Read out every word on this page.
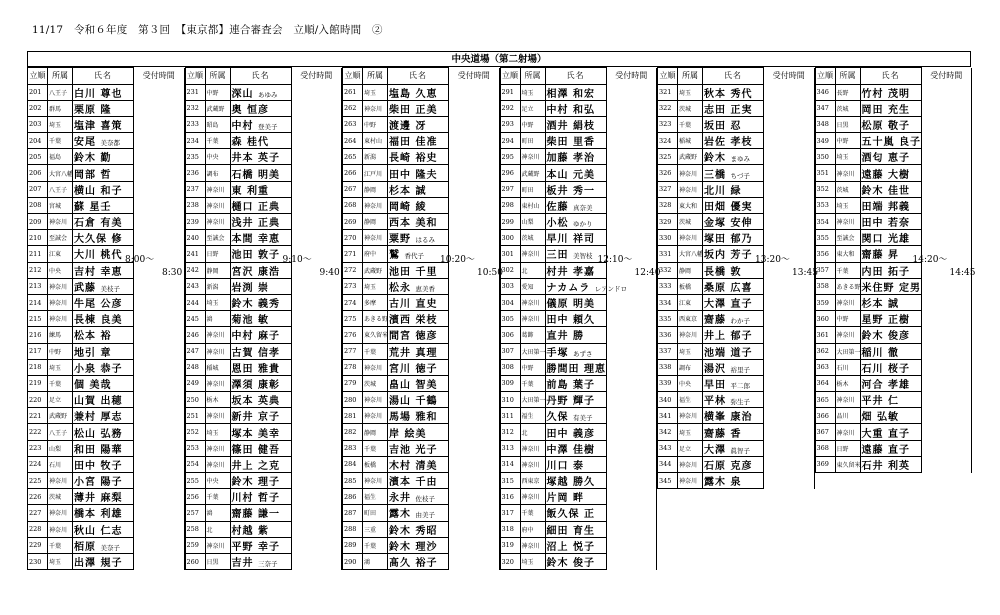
11/17　令和６年度　第３回　【東京都】連合審査会　立順/入館時間　②
中央道場（第二射場）
立順	所属	氏名	受付時間
201	八王子	白川 尊也	
202	群馬	栗原 隆	
203	埼玉	塩津 喜策	
204	千葉	安尾 美奈都	
205	福島	鈴木 勤	
206	大宮八幡	岡部 哲	
207	八王子	横山 和子	
208	宮城	蘇 星壬	
209	神奈川	石倉 有美	
210	至誠会	大久保 修	
211	江東	大川 桃代	
212	中央	吉村 幸恵	
213	神奈川	武藤 美枝子	
214	神奈川	牛尾 公彦	
215	神奈川	長棟 良美	
216	練馬	松本 裕	
217	中野	地引 章	
218	埼玉	小泉 恭子	
219	千葉	個 美哉	
220	足立	山賀 出穂	
221	武蔵野	兼村 厚志	
222	八王子	松山 弘務	
223	山梨	和田 陽華	
224	石川	田中 牧子	
225	神奈川	小宮 陽子	
226	茨城	薄井 麻梨	
227	神奈川	橋本 利雄	
228	神奈川	秋山 仁志	
229	千葉	栢原 美奈子	
230	埼玉	出澤 規子	
8:00～
8:30
立順	所属	氏名	受付時間
231	中野	深山 あゆみ	
232	武蔵野	奥 恒彦	
233	昭島	中村 登美子	
234	千葉	森 桂代	
235	中央	井本 英子	
236	調布	石橋 明美	
237	神奈川	東 利重	
238	神奈川	樋口 正典	
239	神奈川	浅井 正典	
240	至誠会	本間 幸恵	
241	日野	池田 敦子	
242	静岡	宮沢 康浩	
243	新潟	岩渕 崇	
244	埼玉	鈴木 義秀	
245	鴻	菊池 敏	
246	神奈川	中村 麻子	
247	神奈川	古賀 信孝	
248	稲城	恩田 雅貴	
249	神奈川	澤須 康彰	
250	栃木	坂本 英典	
251	神奈川	新井 京子	
252	埼玉	塚本 美幸	
253	神奈川	篠田 健吾	
254	神奈川	井上 之克	
255	中央	鈴木 理子	
256	千葉	川村 哲子	
257	鴻	齋藤 謙一	
258	北	村越 紫	
259	神奈川	平野 幸子	
260	日黒	吉井 三奈子	
9:10～
9:40
立順	所属	氏名	受付時間
261	埼玉	塩島 久恵	
262	神奈川	柴田 正美	
263	中野	渡邊 冴	
264	東村山	福田 佳准	
265	新潟	長崎 裕史	
266	江戸川	田中 隆夫	
267	静岡	杉本 誠	
268	神奈川	岡崎 綾	
269	静岡	西本 美和	
270	神奈川	粟野 はるみ	
271	府中	鷲 香代子	
272	武蔵野	池田 千里	
273	埼玉	松永 恵美香	
274	多摩	古川 直史	
275	あきる野	濱西 栄枝	
276	東久留米	間宮 徳彦	
277	千葉	荒井 真理	
278	神奈川	宮川 徳子	
279	茨城	畠山 智美	
280	神奈川	湯山 千鶴	
281	神奈川	馬場 雅和	
282	静岡	岸 絵美	
283	千葉	吉池 光子	
284	板橋	木村 清美	
285	神奈川	濱本 千由	
286	福生	永井 佐枝子	
287	町田	露木 由美子	
288	三重	鈴木 秀昭	
289	千葉	鈴木 理沙	
290	鴻	髙久 裕子	
10:20～
10:50
立順	所属	氏名	受付時間
291	埼玉	相澤 和宏	
292	足立	中村 和弘	
293	中野	酒井 絹枝	
294	町田	柴田 里香	
295	神奈川	加藤 孝治	
296	武蔵野	本山 元美	
297	町田	板井 秀一	
298	東村山	佐藤 真奈美	
299	山梨	小松 ゆかり	
300	茨城	早川 祥司	
301	神奈川	三田 美智枝	
302	北	村井 孝嘉	
303	愛知	ナカムラ レアンドロ	
304	神奈川	儀原 明美	
305	神奈川	田中 頼久	
306	葛飾	直井 勝	
307	大田第一	手塚 あずさ	
308	中野	勝間田 理恵	
309	千葉	前島 葉子	
310	大田第一	丹野 輝子	
311	福生	久保 有美子	
312	北	田中 義彦	
313	神奈川	中澤 佳樹	
314	神奈川	川口 泰	
315	西東京	塚越 勝久	
316	神奈川	片岡 畔	
317	千葉	飯久保 正	
318	府中	細田 育生	
319	神奈川	沼上 悦子	
320	埼玉	鈴木 俊子	
12:10～
12:40
立順	所属	氏名	受付時間
321	埼玉	秋本 秀代	
322	茨城	志田 正実	
323	千葉	坂田 忍	
324	稲城	岩佐 孝枝	
325	武蔵野	鈴木 まゆみ	
326	神奈川	三橋 ちづ子	
327	神奈川	北川 緑	
328	東大和	田畑 優実	
329	茨城	金塚 安伸	
330	神奈川	塚田 郁乃	
331	大宮八幡	坂内 芳子	
332	静岡	長橋 敦	
333	板橋	桑原 広喜	
334	江東	大澤 直子	
335	西東京	齋藤 わか子	
336	神奈川	井上 郁子	
337	埼玉	池端 道子	
338	調布	湯沢 裕里子	
339	中央	早田 平二郎	
340	福生	平林 弥生子	
341	神奈川	横峯 康治	
342	埼玉	齋藤 香	
343	足立	大澤 眞智子	
344	神奈川	石原 克彦	
345	神奈川	露木 泉	
13:20～
13:45
立順	所属	氏名	受付時間
346	長野	竹村 茂明	
347	茨城	岡田 充生	
348	日黒	松原 敬子	
349	中野	五十嵐 良子	
350	埼玉	酒匂 恵子	
351	神奈川	遠藤 大樹	
352	茨城	鈴木 佳世	
353	埼玉	田端 邦義	
354	神奈川	田中 若奈	
355	至誠会	関口 光雄	
356	東大和	齋藤 昇	
357	千葉	内田 拓子	
358	あきる野	米住野 定男	
359	神奈川	杉本 誠	
360	中野	星野 正樹	
361	神奈川	鈴木 俊彦	
362	大田第一	稲川 徹	
363	石川	石川 桜子	
364	栃木	河合 孝雄	
365	神奈川	平井 仁	
366	品川	畑 弘敏	
367	神奈川	大重 直子	
368	日野	遠藤 直子	
369	東久留米	石井 利英	
14:20～
14:45
